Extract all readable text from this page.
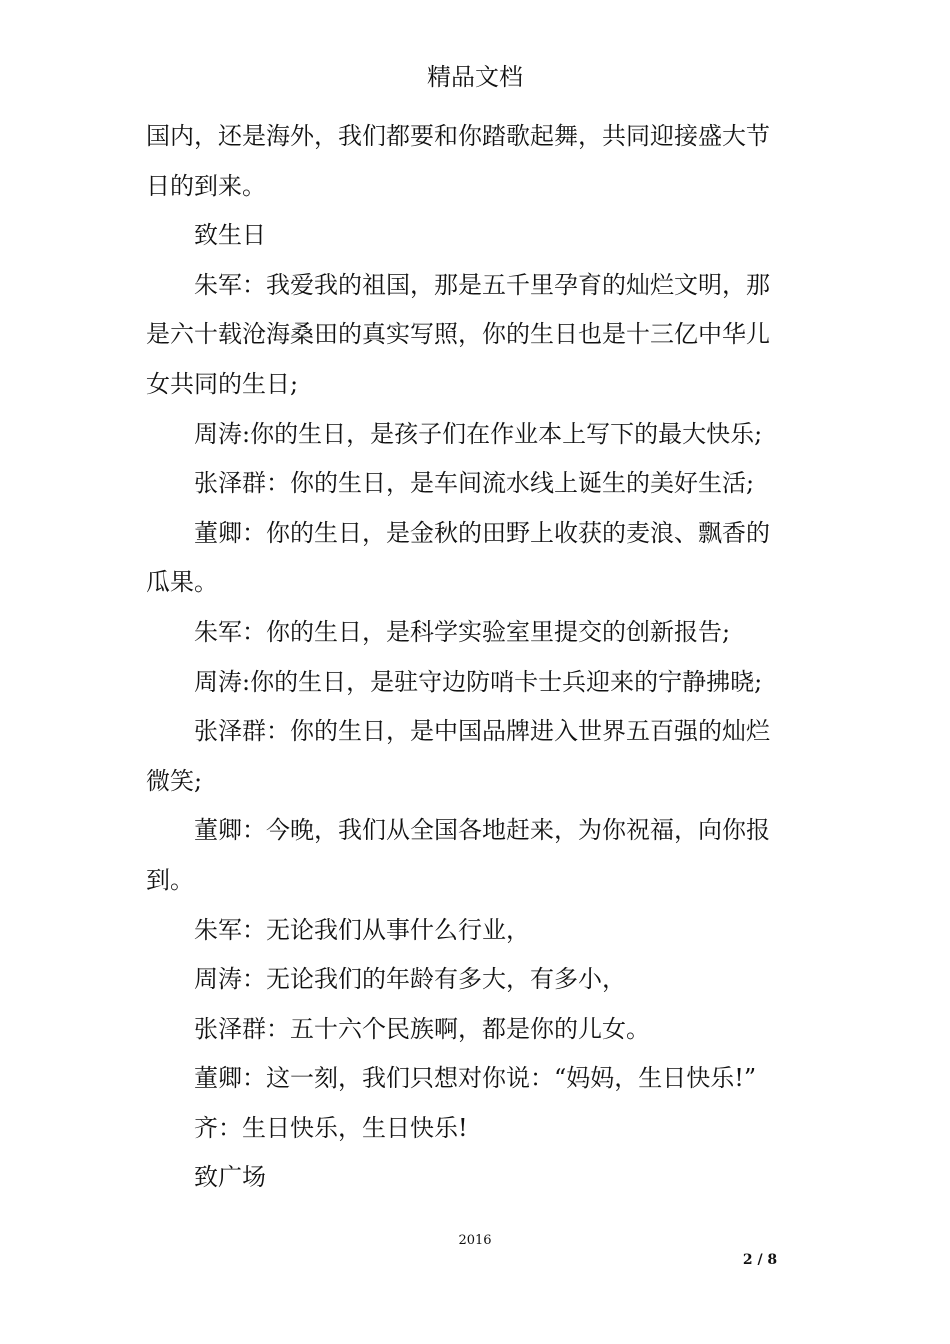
精品文档

国内，还是海外，我们都要和你踏歌起舞，共同迎接盛大节

日的到来。

致生日

朱军：我爱我的祖国，那是五千里孕育的灿烂文明，那

是六十载沧海桑田的真实写照，你的生日也是十三亿中华儿

女共同的生日;

周涛:你的生日，是孩子们在作业本上写下的最大快乐;

张泽群：你的生日，是车间流水线上诞生的美好生活;

董卿：你的生日，是金秋的田野上收获的麦浪、飘香的

瓜果。

朱军：你的生日，是科学实验室里提交的创新报告;

周涛:你的生日，是驻守边防哨卡士兵迎来的宁静拂晓;

张泽群：你的生日，是中国品牌进入世界五百强的灿烂

微笑;

董卿：今晚，我们从全国各地赶来，为你祝福，向你报

到。

朱军：无论我们从事什么行业，

周涛：无论我们的年龄有多大，有多小，

张泽群：五十六个民族啊，都是你的儿女。

董卿：这一刻，我们只想对你说：“妈妈，生日快乐!”

齐：生日快乐，生日快乐!

致广场

2016
2 / 8
